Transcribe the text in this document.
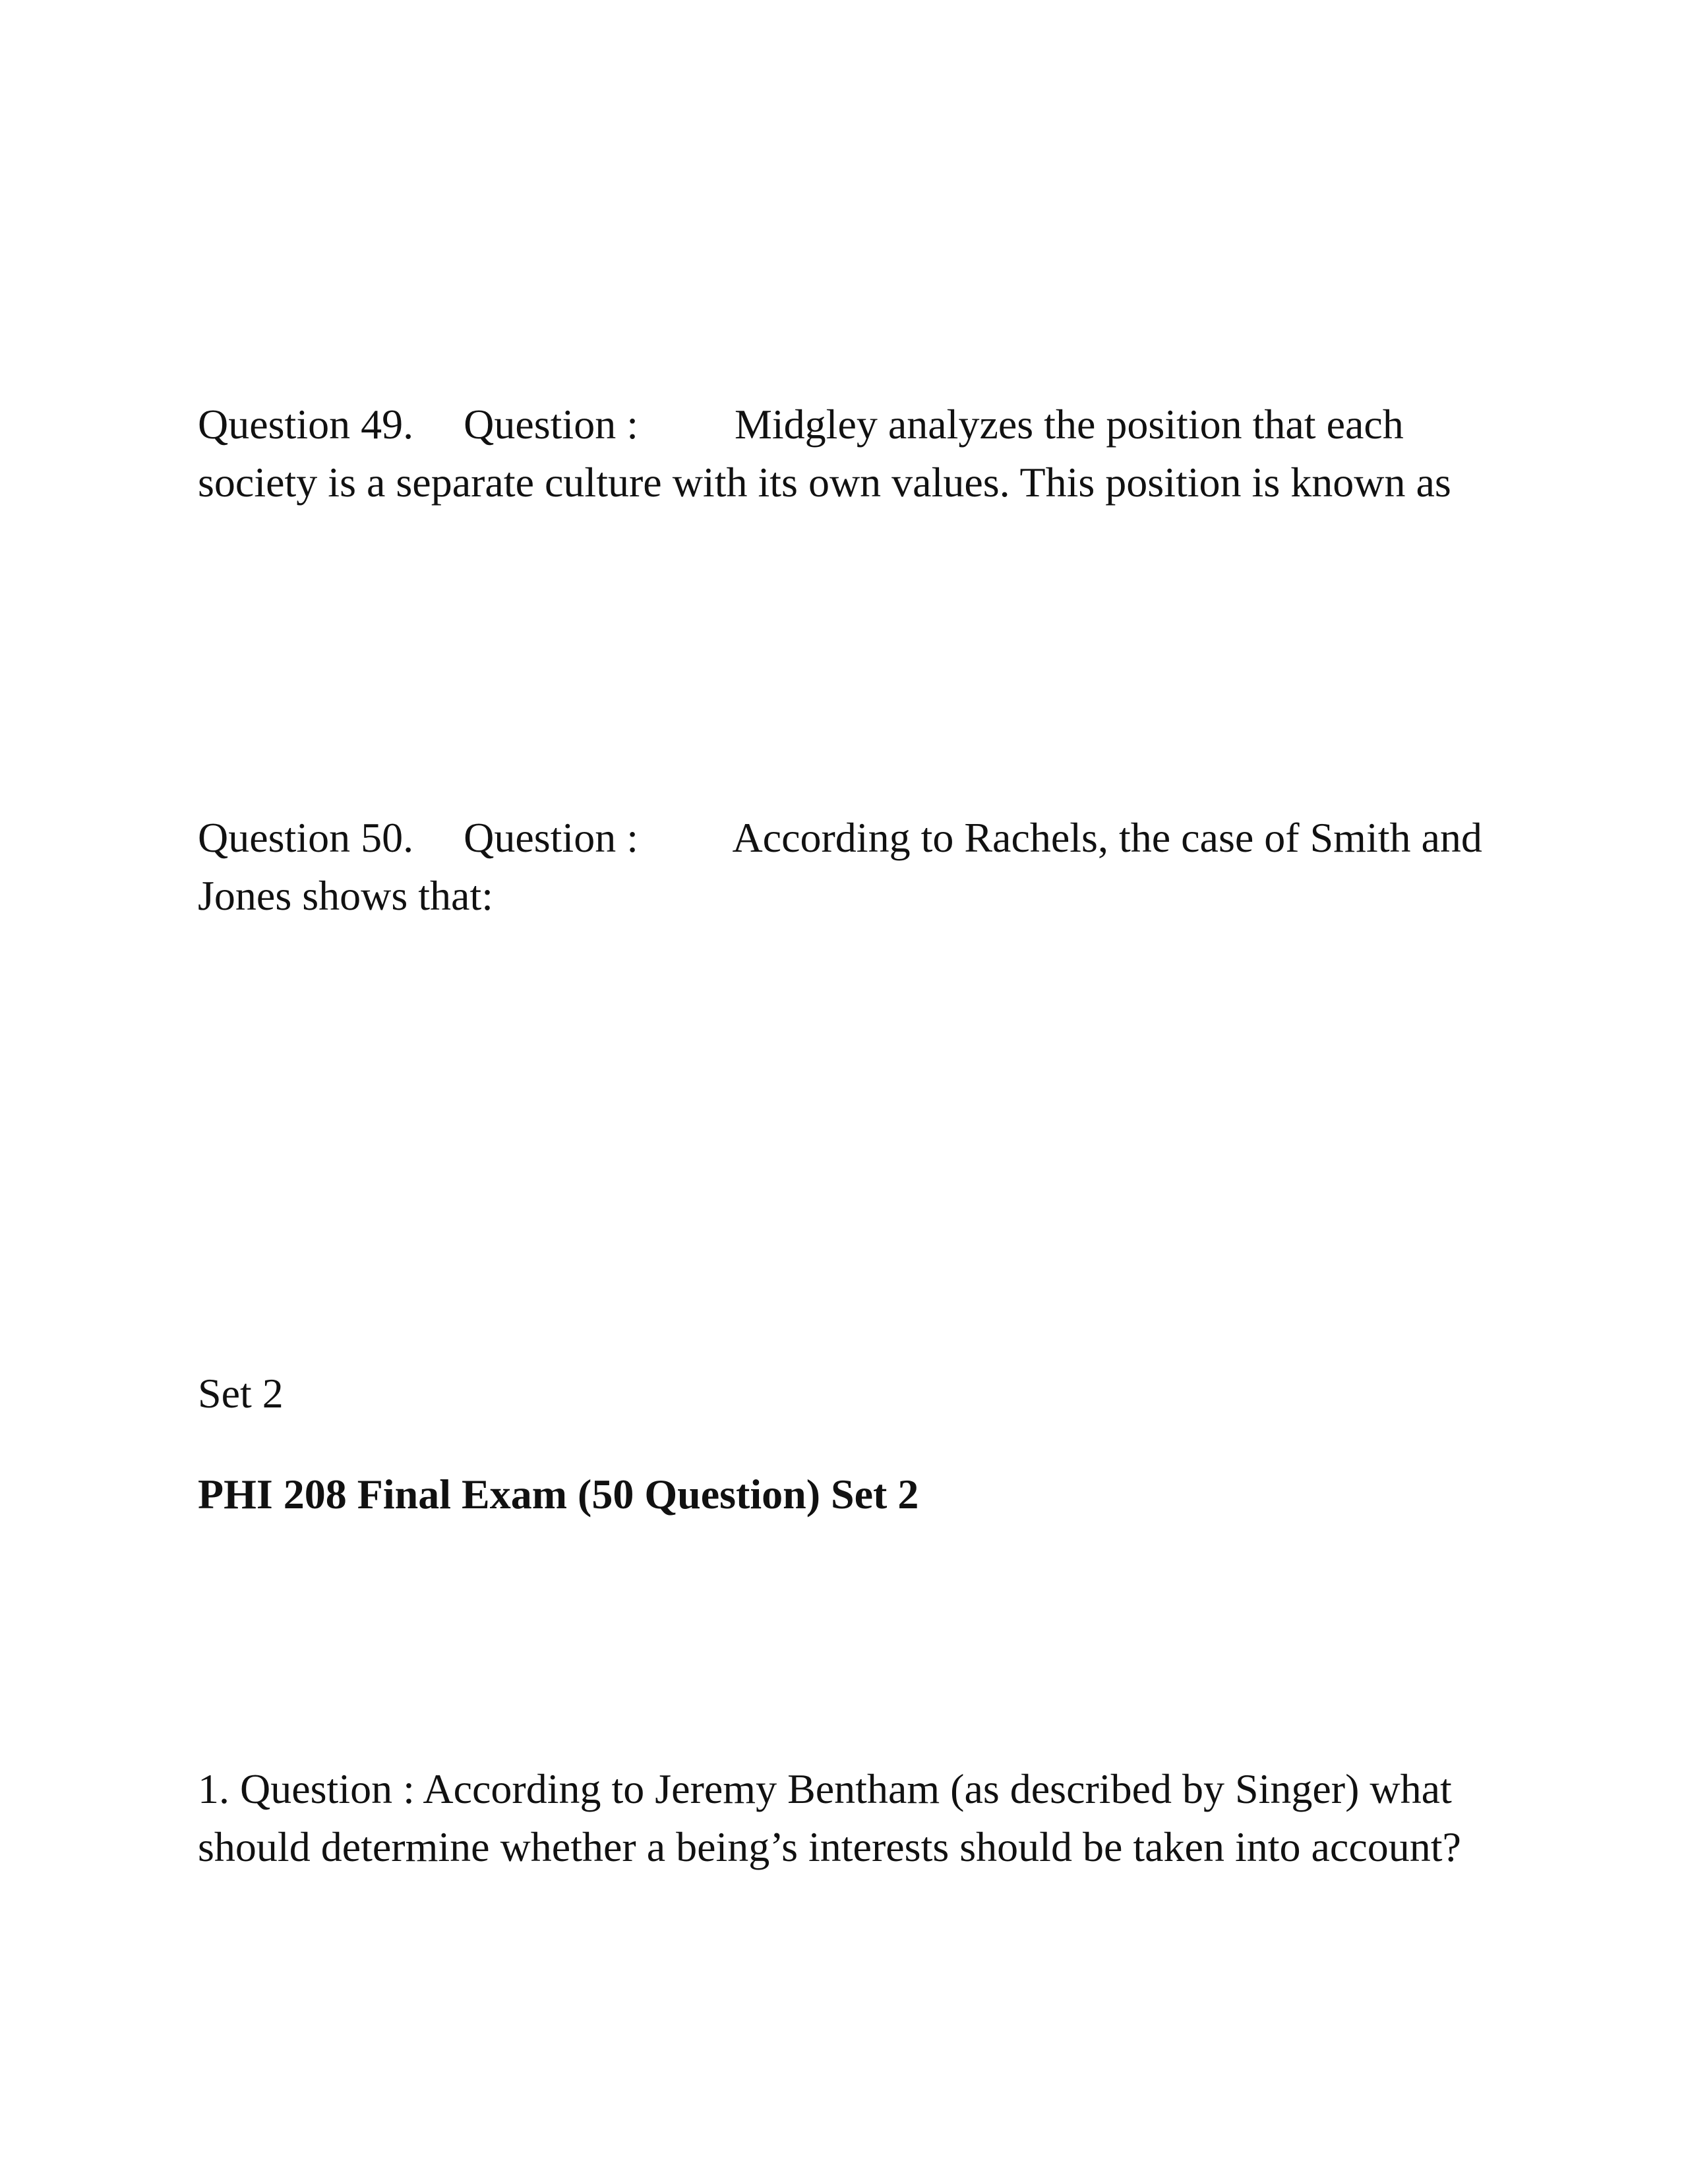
Question 49. Question : Midgley analyzes the position that each society is a separate culture with its own values. This position is known as
Question 50. Question : According to Rachels, the case of Smith and Jones shows that:
Set 2
PHI 208 Final Exam (50 Question) Set 2
1. Question : According to Jeremy Bentham (as described by Singer) what should determine whether a being’s interests should be taken into account?
